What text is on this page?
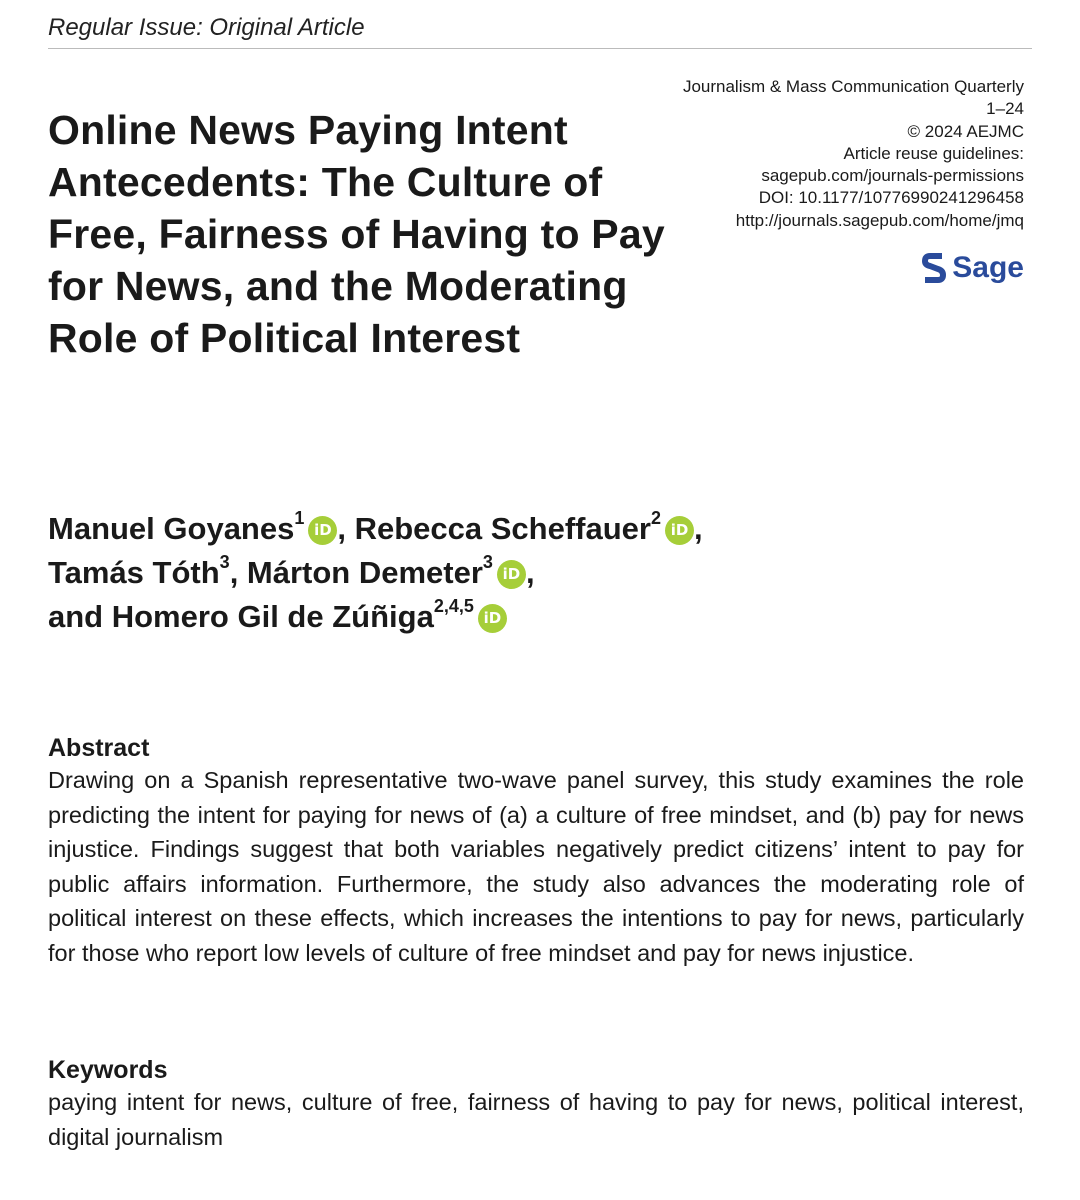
Regular Issue: Original Article
Journalism & Mass Communication Quarterly
1–24
© 2024 AEJMC
Article reuse guidelines:
sagepub.com/journals-permissions
DOI: 10.1177/10776990241296458
http://journals.sagepub.com/home/jmq
Sage
Online News Paying Intent Antecedents: The Culture of Free, Fairness of Having to Pay for News, and the Moderating Role of Political Interest
Manuel Goyanes$^1$iD , Rebecca Scheffauer$^2$iD ,
Tamás Tóth$^3$, Márton Demeter$^3$iD ,
and Homero Gil de Zúñiga$^{2,4,5}$iD
Abstract

Drawing on a Spanish representative two-wave panel survey, this study examines the role predicting the intent for paying for news of (a) a culture of free mindset, and (b) pay for news injustice. Findings suggest that both variables negatively predict citizens’ intent to pay for public affairs information. Furthermore, the study also advances the moderating role of political interest on these effects, which increases the intentions to pay for news, particularly for those who report low levels of culture of free mindset and pay for news injustice.

Keywords

paying intent for news, culture of free, fairness of having to pay for news, political interest, digital journalism
